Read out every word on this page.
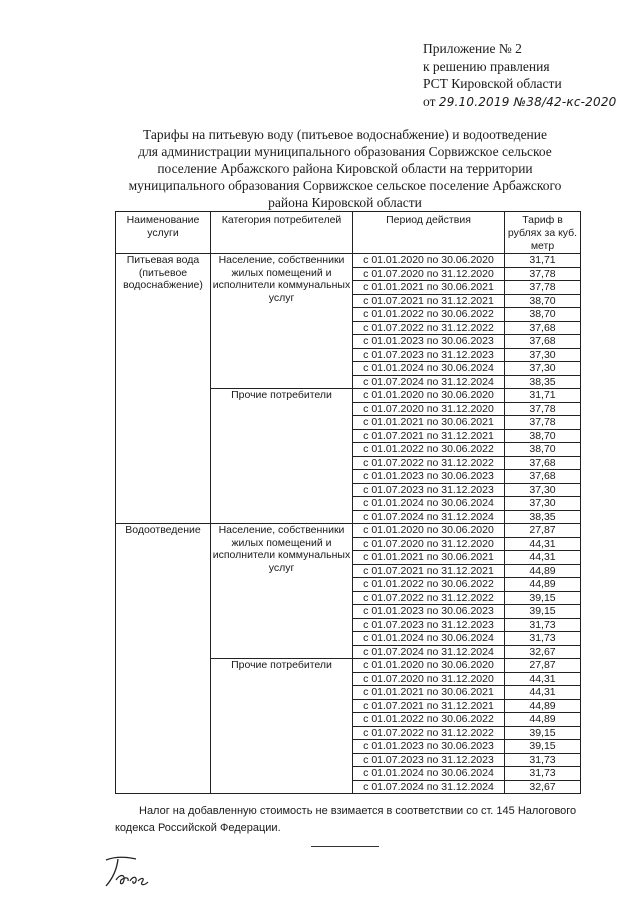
Приложение № 2
к решению правления
РСТ Кировской области
от 29.10.2019 №38/42-кс-2020
Тарифы на питьевую воду (питьевое водоснабжение) и водоотведение
для администрации муниципального образования Сорвижское сельское
поселение Арбажского района Кировской области на территории
муниципального образования Сорвижское сельское поселение Арбажского
района Кировской области
Наименование услуги	Категория потребителей	Период действия	Тариф в рублях за куб. метр
Питьевая вода (питьевое водоснабжение)	Население, собственники жилых помещений и исполнители коммунальных услуг	с 01.01.2020 по 30.06.2020	31,71
		с 01.07.2020 по 31.12.2020	37,78
		с 01.01.2021 по 30.06.2021	37,78
		с 01.07.2021 по 31.12.2021	38,70
		с 01.01.2022 по 30.06.2022	38,70
		с 01.07.2022 по 31.12.2022	37,68
		с 01.01.2023 по 30.06.2023	37,68
		с 01.07.2023 по 31.12.2023	37,30
		с 01.01.2024 по 30.06.2024	37,30
		с 01.07.2024 по 31.12.2024	38,35
	Прочие потребители	с 01.01.2020 по 30.06.2020	31,71
		с 01.07.2020 по 31.12.2020	37,78
		с 01.01.2021 по 30.06.2021	37,78
		с 01.07.2021 по 31.12.2021	38,70
		с 01.01.2022 по 30.06.2022	38,70
		с 01.07.2022 по 31.12.2022	37,68
		с 01.01.2023 по 30.06.2023	37,68
		с 01.07.2023 по 31.12.2023	37,30
		с 01.01.2024 по 30.06.2024	37,30
		с 01.07.2024 по 31.12.2024	38,35
Водоотведение	Население, собственники жилых помещений и исполнители коммунальных услуг	с 01.01.2020 по 30.06.2020	27,87
		с 01.07.2020 по 31.12.2020	44,31
		с 01.01.2021 по 30.06.2021	44,31
		с 01.07.2021 по 31.12.2021	44,89
		с 01.01.2022 по 30.06.2022	44,89
		с 01.07.2022 по 31.12.2022	39,15
		с 01.01.2023 по 30.06.2023	39,15
		с 01.07.2023 по 31.12.2023	31,73
		с 01.01.2024 по 30.06.2024	31,73
		с 01.07.2024 по 31.12.2024	32,67
	Прочие потребители	с 01.01.2020 по 30.06.2020	27,87
		с 01.07.2020 по 31.12.2020	44,31
		с 01.01.2021 по 30.06.2021	44,31
		с 01.07.2021 по 31.12.2021	44,89
		с 01.01.2022 по 30.06.2022	44,89
		с 01.07.2022 по 31.12.2022	39,15
		с 01.01.2023 по 30.06.2023	39,15
		с 01.07.2023 по 31.12.2023	31,73
		с 01.01.2024 по 30.06.2024	31,73
		с 01.07.2024 по 31.12.2024	32,67
Налог на добавленную стоимость не взимается в соответствии со ст. 145 Налогового кодекса Российской Федерации.
